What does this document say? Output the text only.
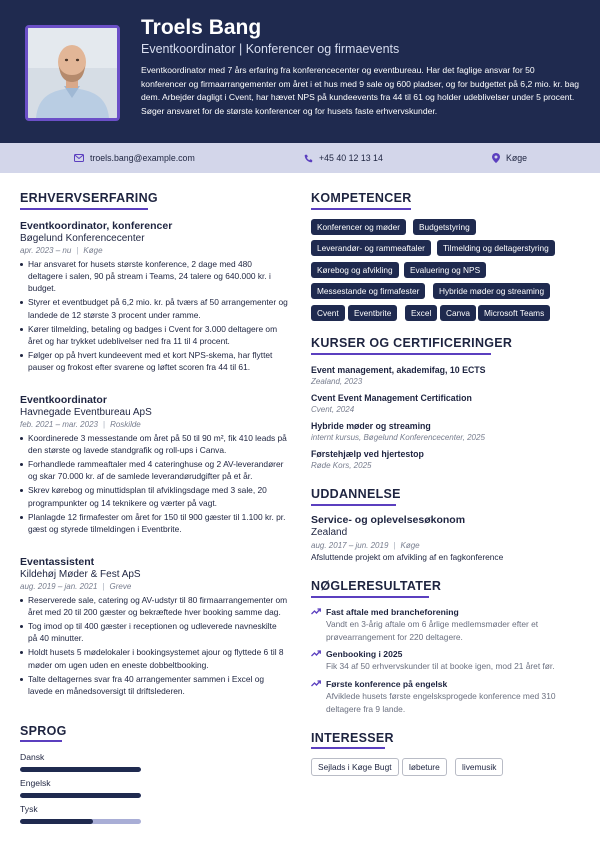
Troels Bang
Eventkoordinator | Konferencer og firmaevents
Eventkoordinator med 7 års erfaring fra konferencecenter og eventbureau. Har det faglige ansvar for 50 konferencer og firmaarrangementer om året i et hus med 9 sale og 600 pladser, og for budgettet på 6,2 mio. kr. bag dem. Arbejder dagligt i Cvent, har hævet NPS på kundeevents fra 44 til 61 og holder udeblivelser under 5 procent. Søger ansvaret for de største konferencer og for husets faste erhvervskunder.
troels.bang@example.com	+45 40 12 13 14	Køge
ERHVERVSERFARING
Eventkoordinator, konferencer
Bøgelund Konferencecenter
apr. 2023 – nu | Køge
Har ansvaret for husets største konference, 2 dage med 480 deltagere i salen, 90 på stream i Teams, 24 talere og 640.000 kr. i budget.
Styrer et eventbudget på 6,2 mio. kr. på tværs af 50 arrangementer og landede de 12 største 3 procent under ramme.
Kører tilmelding, betaling og badges i Cvent for 3.000 deltagere om året og har trykket udeblivelser ned fra 11 til 4 procent.
Følger op på hvert kundeevent med et kort NPS-skema, har flyttet pauser og frokost efter svarene og løftet scoren fra 44 til 61.
Eventkoordinator
Havnegade Eventbureau ApS
feb. 2021 – mar. 2023 | Roskilde
Koordinerede 3 messestande om året på 50 til 90 m², fik 410 leads på den største og lavede standgrafik og roll-ups i Canva.
Forhandlede rammeaftaler med 4 cateringhuse og 2 AV-leverandører og skar 70.000 kr. af de samlede leverandørudgifter på et år.
Skrev kørebog og minuttidsplan til afviklingsdage med 3 sale, 20 programpunkter og 14 teknikere og værter på vagt.
Planlagde 12 firmafester om året for 150 til 900 gæster til 1.100 kr. pr. gæst og styrede tilmeldingen i Eventbrite.
Eventassistent
Kildehøj Møder & Fest ApS
aug. 2019 – jan. 2021 | Greve
Reserverede sale, catering og AV-udstyr til 80 firmaarrangementer om året med 20 til 200 gæster og bekræftede hver booking samme dag.
Tog imod op til 400 gæster i receptionen og udleverede navneskilte på 40 minutter.
Holdt husets 5 mødelokaler i bookingsystemet ajour og flyttede 6 til 8 møder om ugen uden en eneste dobbeltbooking.
Talte deltagernes svar fra 40 arrangementer sammen i Excel og lavede en månedsoversigt til driftslederen.
SPROG
Dansk
Engelsk
Tysk
KOMPETENCER
Konferencer og møder	Budgetstyring
Leverandør- og rammeaftaler	Tilmelding og deltagerstyring
Kørebog og afvikling	Evaluering og NPS
Messestande og firmafester	Hybride møder og streaming
Cvent	Eventbrite	Excel	Canva	Microsoft Teams
KURSER OG CERTIFICERINGER
Event management, akademifag, 10 ECTS
Zealand, 2023
Cvent Event Management Certification
Cvent, 2024
Hybride møder og streaming
internt kursus, Bøgelund Konferencecenter, 2025
Førstehjælp ved hjertestop
Røde Kors, 2025
UDDANNELSE
Service- og oplevelsesøkonom
Zealand
aug. 2017 – jun. 2019 | Køge
Afsluttende projekt om afvikling af en fagkonference
NØGLERESULTATER
Fast aftale med brancheforening
Vandt en 3-årig aftale om 6 årlige medlemsmøder efter et prøvearrangement for 220 deltagere.
Genbooking i 2025
Fik 34 af 50 erhvervskunder til at booke igen, mod 21 året før.
Første konference på engelsk
Afviklede husets første engelsksprogede konference med 310 deltagere fra 9 lande.
INTERESSER
Sejlads i Køge Bugt	løbeture	livemusik
